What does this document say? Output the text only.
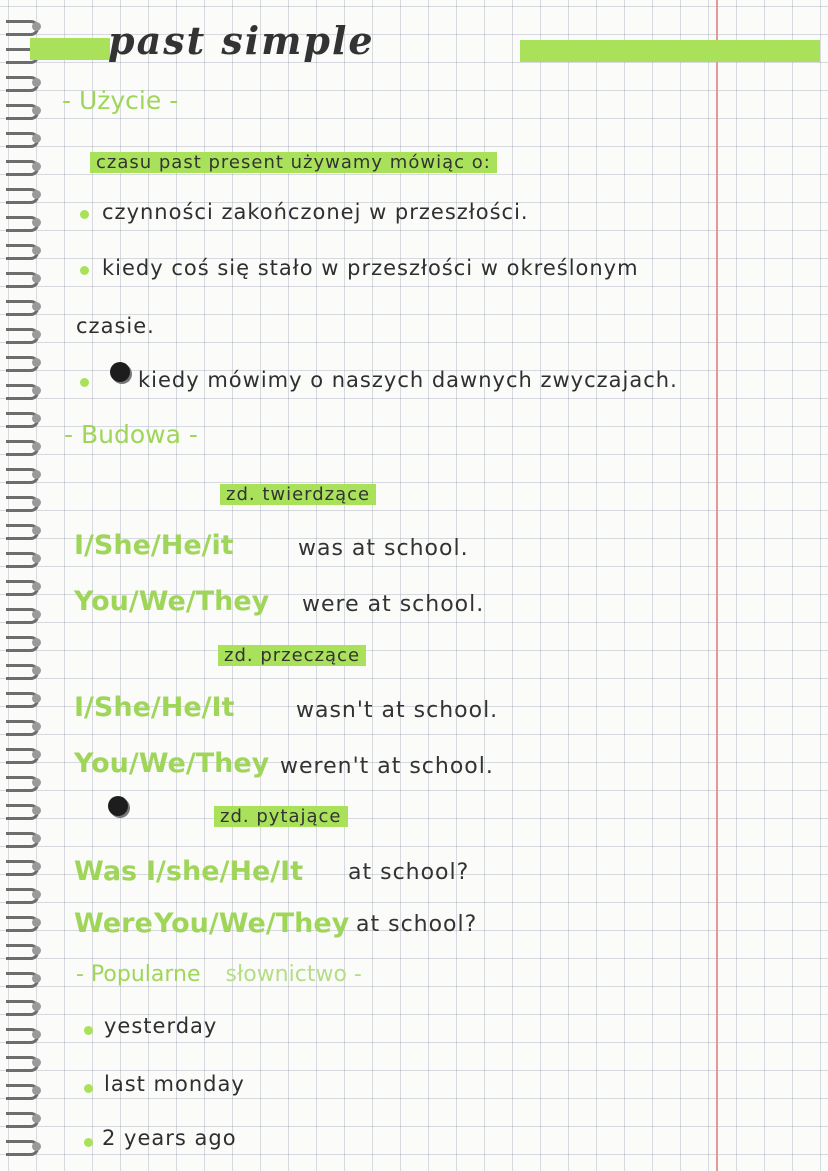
past simple
- Użycie -
czasu past present używamy mówiąc o:
czynności zakończonej w przeszłości.
kiedy coś się stało w przeszłości w określonym
czasie.
kiedy mówimy o naszych dawnych zwyczajach.
- Budowa -
zd. twierdzące
I/She/He/it	was at school.
You/We/They were at school.
zd. przeczące
I/She/He/It	wasn't at school.
You/We/They weren't at school.
zd. pytające
Was I/she/He/It at school?
Were You/We/They at school?
- Popularne słownictwo -
yesterday
last monday
2 years ago
